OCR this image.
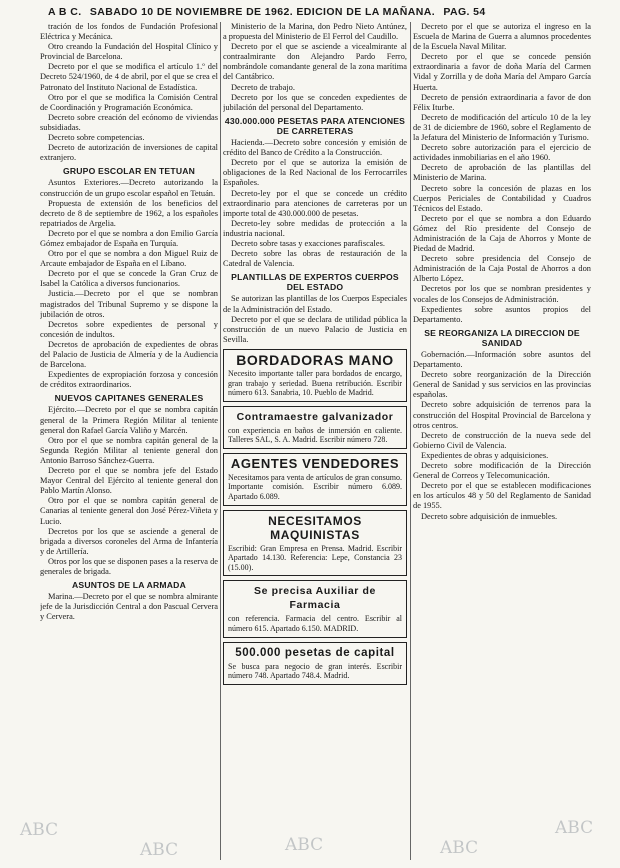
A B C. SABADO 10 DE NOVIEMBRE DE 1962. EDICION DE LA MAÑANA. PAG. 54

tración de los fondos de Fundación Profesional Eléctrica y Mecánica.

Otro creando la Fundación del Hospital Clínico y Provincial de Barcelona.

Decreto por el que se modifica el artículo 1.º del Decreto 524/1960, de 4 de abril, por el que se crea el Patronato del Instituto Nacional de Estadística.

Otro por el que se modifica la Comisión Central de Coordinación y Programación Económica.

Decreto sobre creación del ecónomo de viviendas subsidiadas.

Decreto sobre competencias.

Decreto de autorización de inversiones de capital extranjero.

GRUPO ESCOLAR EN TETUAN

Asuntos Exteriores.—Decreto autorizando la construcción de un grupo escolar español en Tetuán.

Propuesta de extensión de los beneficios del decreto de 8 de septiembre de 1962, a los españoles repatriados de Argelia.

Decreto por el que se nombra a don Emilio García Gómez embajador de España en Turquía.

Otro por el que se nombra a don Miguel Ruiz de Arcaute embajador de España en el Líbano.

Decreto por el que se concede la Gran Cruz de Isabel la Católica a diversos funcionarios.

Justicia.—Decreto por el que se nombran magistrados del Tribunal Supremo y se dispone la jubilación de otros.

Decretos sobre expedientes de personal y concesión de indultos.

Decretos de aprobación de expedientes de obras del Palacio de Justicia de Almería y de la Audiencia de Barcelona.

Expedientes de expropiación forzosa y concesión de créditos extraordinarios.

NUEVOS CAPITANES GENERALES

Ejército.—Decreto por el que se nombra capitán general de la Primera Región Militar al teniente general don Rafael García Valiño y Marcén.

Otro por el que se nombra capitán general de la Segunda Región Militar al teniente general don Antonio Barroso Sánchez-Guerra.

Decreto por el que se nombra jefe del Estado Mayor Central del Ejército al teniente general don Pablo Martín Alonso.

Otro por el que se nombra capitán general de Canarias al teniente general don José Pérez-Viñeta y Lucio.

Decretos por los que se asciende a general de brigada a diversos coroneles del Arma de Infantería y de Artillería.

Otros por los que se disponen pases a la reserva de generales de brigada.

ASUNTOS DE LA ARMADA

Marina.—Decreto por el que se nombra almirante jefe de la Jurisdicción Central a don Pascual Cervera y Cervera.

Ministerio de la Marina, don Pedro Nieto Antúnez, a propuesta del Ministerio de El Ferrol del Caudillo.

Decreto por el que se asciende a vicealmirante al contraalmirante don Alejandro Pardo Ferro, nombrándole comandante general de la zona marítima del Cantábrico.

Decreto de trabajo.

Decreto por los que se conceden expedientes de jubilación del personal del Departamento.

430.000.000 PESETAS PARA ATENCIONES DE CARRETERAS

Hacienda.—Decreto sobre concesión y emisión de crédito del Banco de Crédito a la Construcción.

Decreto por el que se autoriza la emisión de obligaciones de la Red Nacional de los Ferrocarriles Españoles.

Decreto-ley por el que se concede un crédito extraordinario para atenciones de carreteras por un importe total de 430.000.000 de pesetas.

Decreto-ley sobre medidas de protección a la industria nacional.

Decreto sobre tasas y exacciones parafiscales.

Decreto sobre las obras de restauración de la Catedral de Valencia.

PLANTILLAS DE EXPERTOS CUERPOS DEL ESTADO

Se autorizan las plantillas de los Cuerpos Especiales de la Administración del Estado.

Decreto por el que se declara de utilidad pública la construcción de un nuevo Palacio de Justicia en Sevilla.

BORDADORAS MANO
Necesito importante taller para bordados de encargo, gran trabajo y seriedad. Buena retribución. Escribir número 613. Sanabria, 10. Pueblo de Madrid.
Contramaestre galvanizador
con experiencia en baños de inmersión en caliente. Talleres SAL, S. A. Madrid. Escribir número 728.
AGENTES VENDEDORES
Necesitamos para venta de artículos de gran consumo. Importante comisión. Escribir número 6.089. Apartado 6.089.
NECESITAMOS MAQUINISTAS
Escribid: Gran Empresa en Prensa. Madrid. Escribir Apartado 14.130. Referencia: Lepe, Constancia 23 (15.00).
Se precisa Auxiliar de Farmacia
con referencia. Farmacia del centro. Escribir al número 615. Apartado 6.150. MADRID.
500.000 pesetas de capital
Se busca para negocio de gran interés. Escribir número 748. Apartado 748.4. Madrid.

Decreto por el que se autoriza el ingreso en la Escuela de Marina de Guerra a alumnos procedentes de la Escuela Naval Militar.

Decreto por el que se concede pensión extraordinaria a favor de doña María del Carmen Vidal y Zorrilla y de doña María del Amparo García Huerta.

Decreto de pensión extraordinaria a favor de don Félix Iturbe.

Decreto de modificación del artículo 10 de la ley de 31 de diciembre de 1960, sobre el Reglamento de la Jefatura del Ministerio de Información y Turismo.

Decreto sobre autorización para el ejercicio de actividades inmobiliarias en el año 1960.

Decreto de aprobación de las plantillas del Ministerio de Marina.

Decreto sobre la concesión de plazas en los Cuerpos Periciales de Contabilidad y Cuadros Técnicos del Estado.

Decreto por el que se nombra a don Eduardo Gómez del Río presidente del Consejo de Administración de la Caja de Ahorros y Monte de Piedad de Madrid.

Decreto sobre presidencia del Consejo de Administración de la Caja Postal de Ahorros a don Alberto López.

Decretos por los que se nombran presidentes y vocales de los Consejos de Administración.

Expedientes sobre asuntos propios del Departamento.

SE REORGANIZA LA DIRECCION DE SANIDAD

Gobernación.—Información sobre asuntos del Departamento.

Decreto sobre reorganización de la Dirección General de Sanidad y sus servicios en las provincias españolas.

Decreto sobre adquisición de terrenos para la construcción del Hospital Provincial de Barcelona y otros centros.

Decreto de construcción de la nueva sede del Gobierno Civil de Valencia.

Expedientes de obras y adquisiciones.

Decreto sobre modificación de la Dirección General de Correos y Telecomunicación.

Decreto por el que se establecen modificaciones en los artículos 48 y 50 del Reglamento de Sanidad de 1955.

Decreto sobre adquisición de inmuebles.

ABC
ABC	ABC	ABC
ABC
